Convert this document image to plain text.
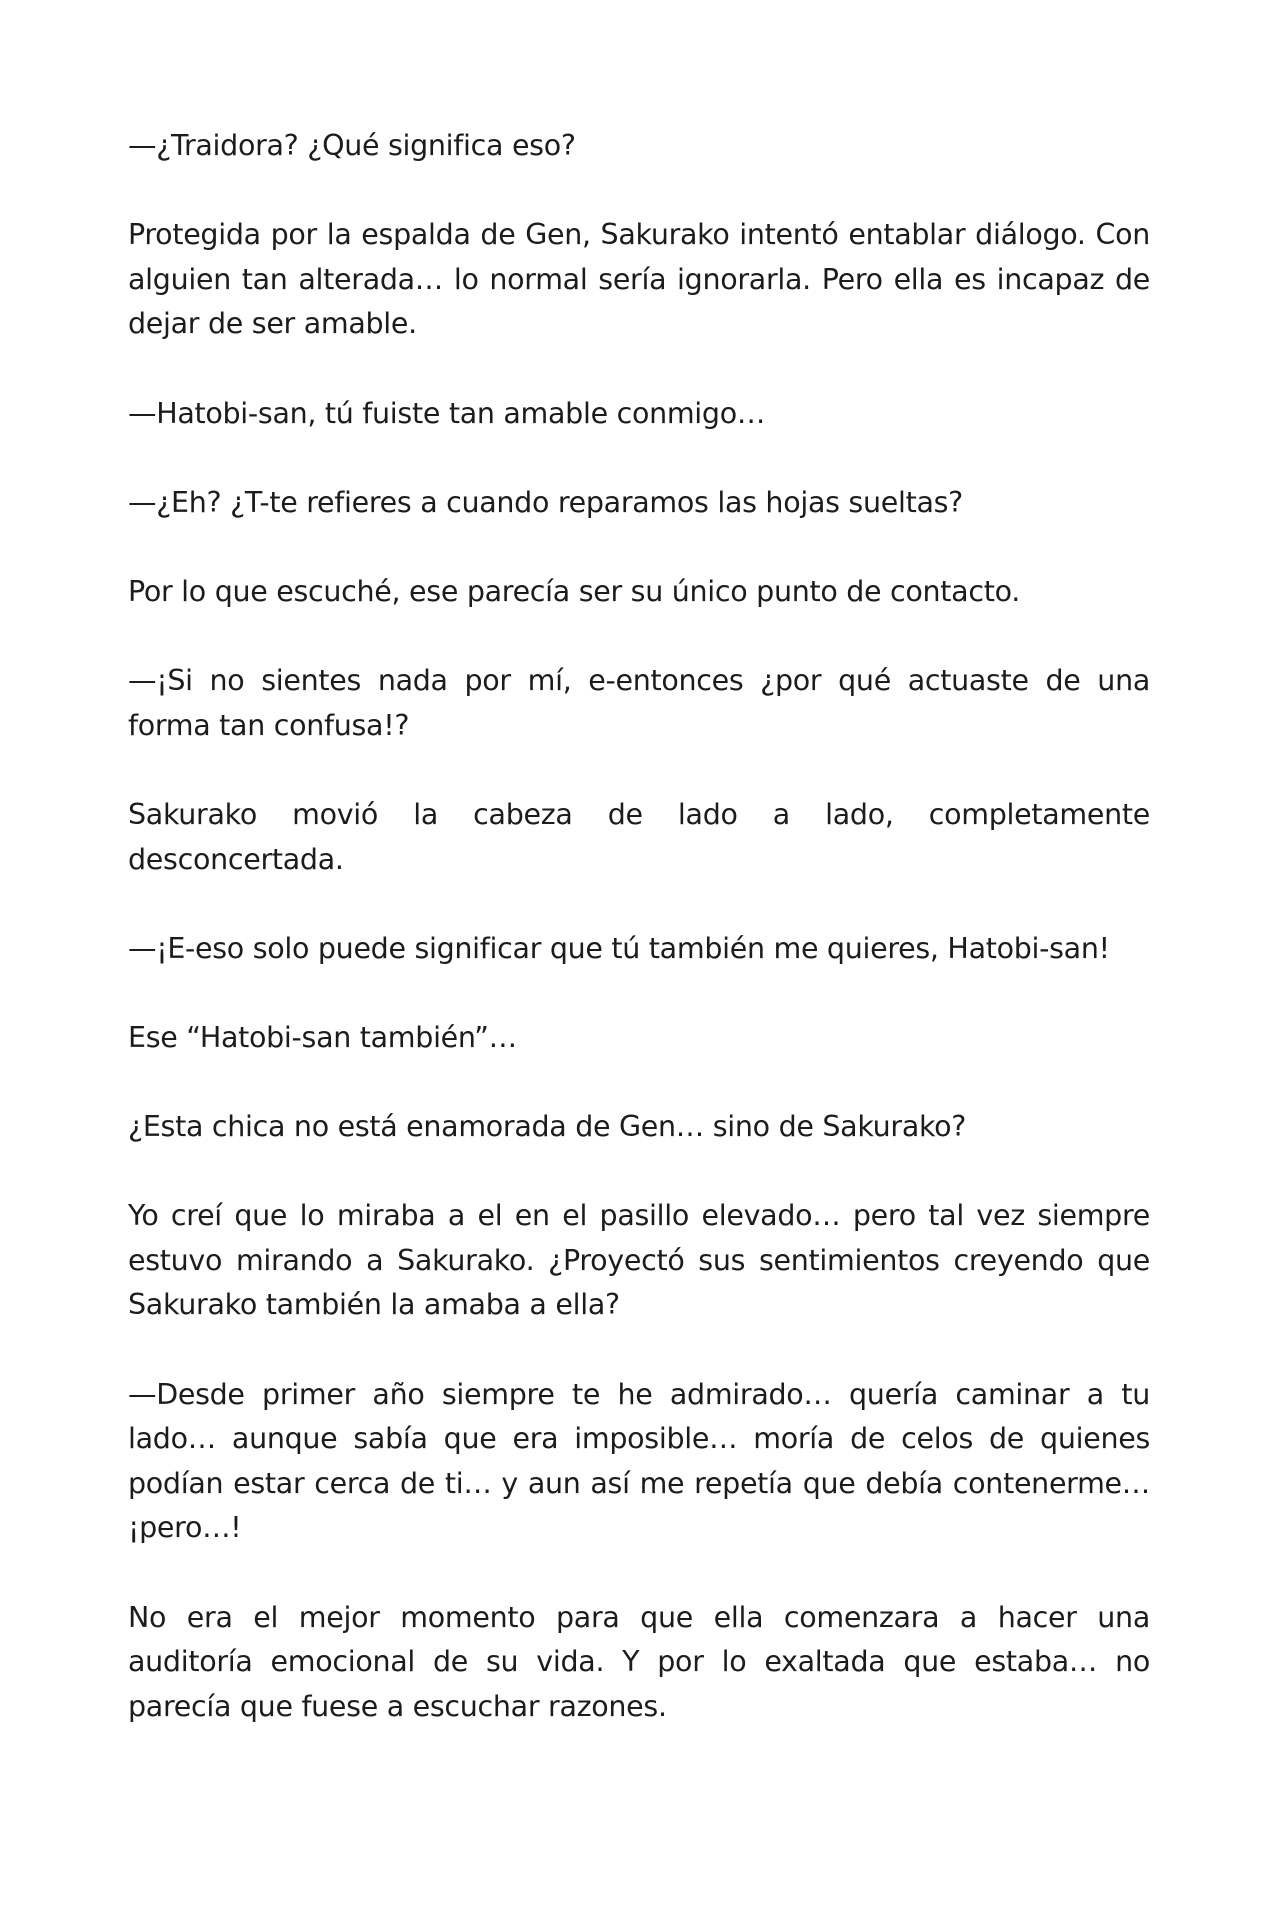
—¿Traidora? ¿Qué significa eso?

Protegida por la espalda de Gen, Sakurako intentó entablar diálogo. Con alguien tan alterada… lo normal sería ignorarla. Pero ella es incapaz de dejar de ser amable.

—Hatobi-san, tú fuiste tan amable conmigo…

—¿Eh? ¿T-te refieres a cuando reparamos las hojas sueltas?

Por lo que escuché, ese parecía ser su único punto de contacto.

—¡Si no sientes nada por mí, e-entonces ¿por qué actuaste de una forma tan confusa!?

Sakurako movió la cabeza de lado a lado, completamente desconcertada.

—¡E-eso solo puede significar que tú también me quieres, Hatobi-san!

Ese “Hatobi-san también”…

¿Esta chica no está enamorada de Gen… sino de Sakurako?

Yo creí que lo miraba a el en el pasillo elevado… pero tal vez siempre estuvo mirando a Sakurako. ¿Proyectó sus sentimientos creyendo que Sakurako también la amaba a ella?

—Desde primer año siempre te he admirado… quería caminar a tu lado… aunque sabía que era imposible… moría de celos de quienes podían estar cerca de ti… y aun así me repetía que debía contenerme… ¡pero…!

No era el mejor momento para que ella comenzara a hacer una auditoría emocional de su vida. Y por lo exaltada que estaba… no parecía que fuese a escuchar razones.
